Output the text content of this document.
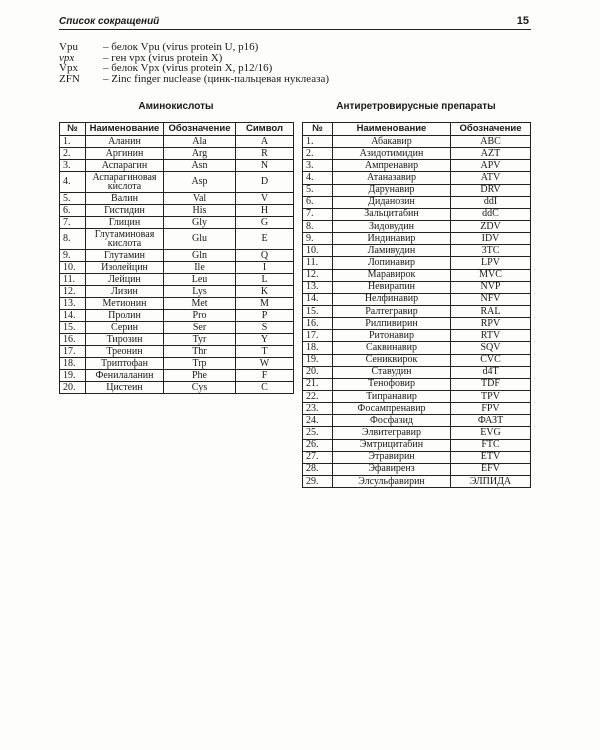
Список сокращений	15
Vpu – белок Vpu (virus protein U, p16)
vpx	– ген vpx (virus protein X)
Vpx – белок Vpx (virus protein X, p12/16)
ZFN – Zinc finger nuclease (цинк-пальцевая нуклеаза)
Аминокислоты
№	Наименование	Обозначение	Символ
1.	Аланин	Ala	A
2.	Аргинин	Arg	R
3.	Аспарагин	Asn	N
4.	Аспарагиновая кислота	Asp	D
5.	Валин	Val	V
6.	Гистидин	His	H
7.	Глицин	Gly	G
8.	Глутаминовая кислота	Glu	E
9.	Глутамин	Gln	Q
10.	Изолейцин	Ile	I
11.	Лейцин	Leu	L
12.	Лизин	Lys	K
13.	Метионин	Met	M
14.	Пролин	Pro	P
15.	Серин	Ser	S
16.	Тирозин	Tyr	Y
17.	Треонин	Thr	T
18.	Триптофан	Trp	W
19.	Фенилаланин	Phe	F
20.	Цистеин	Cys	C
Антиретровирусные препараты
№	Наименование	Обозначение
1.	Абакавир	ABC
2.	Азидотимидин	AZT
3.	Ампренавир	APV
4.	Атаназавир	ATV
5.	Дарунавир	DRV
6.	Диданозин	ddI
7.	Зальцитабин	ddC
8.	Зидовудин	ZDV
9.	Индинавир	IDV
10.	Ламивудин	3TC
11.	Лопинавир	LPV
12.	Маравирок	MVC
13.	Невирапин	NVP
14.	Нелфинавир	NFV
15.	Ралтегравир	RAL
16.	Рилпивирин	RPV
17.	Ритонавир	RTV
18.	Саквинавир	SQV
19.	Сениквирок	CVC
20.	Ставудин	d4T
21.	Тенофовир	TDF
22.	Типранавир	TPV
23.	Фосампренавир	FPV
24.	Фосфазид	ФАЗТ
25.	Элвитегравир	EVG
26.	Эмтрицитабин	FTC
27.	Этравирин	ETV
28.	Эфавиренз	EFV
29.	Элсульфавирин	ЭЛПИДА
